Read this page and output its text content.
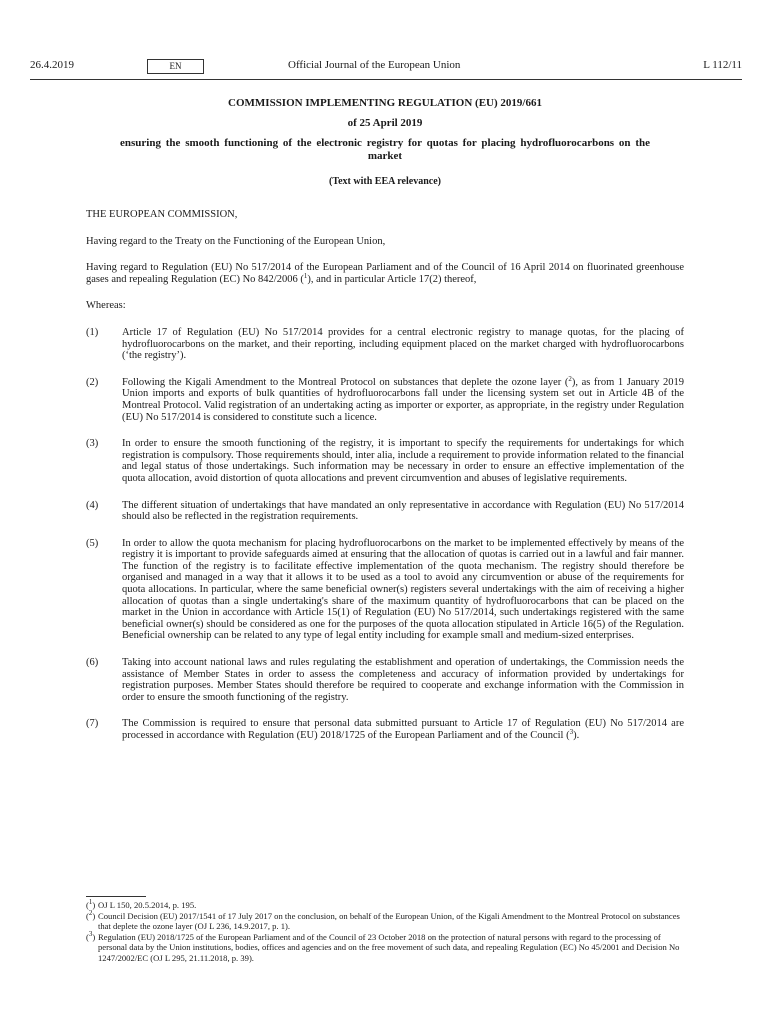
26.4.2019	EN	Official Journal of the European Union	L 112/11
COMMISSION IMPLEMENTING REGULATION (EU) 2019/661
of 25 April 2019
ensuring the smooth functioning of the electronic registry for quotas for placing hydrofluorocarbons on the market
(Text with EEA relevance)

THE EUROPEAN COMMISSION,

Having regard to the Treaty on the Functioning of the European Union,

Having regard to Regulation (EU) No 517/2014 of the European Parliament and of the Council of 16 April 2014 on fluorinated greenhouse gases and repealing Regulation (EC) No 842/2006 ($^1$), and in particular Article 17(2) thereof,

Whereas:

(1)	Article 17 of Regulation (EU) No 517/2014 provides for a central electronic registry to manage quotas, for the placing of hydrofluorocarbons on the market, and their reporting, including equipment placed on the market charged with hydrofluorocarbons (‘the registry’).
(2)	Following the Kigali Amendment to the Montreal Protocol on substances that deplete the ozone layer ($^2$), as from 1 January 2019 Union imports and exports of bulk quantities of hydrofluorocarbons fall under the licensing system set out in Article 4B of the Montreal Protocol. Valid registration of an undertaking acting as importer or exporter, as appropriate, in the registry under Regulation (EU) No 517/2014 is considered to constitute such a licence.
(3)	In order to ensure the smooth functioning of the registry, it is important to specify the requirements for undertakings for which registration is compulsory. Those requirements should, inter alia, include a requirement to provide information related to the financial and legal status of those undertakings. Such information may be necessary in order to ensure an effective implementation of the quota allocation, avoid distortion of quota allocations and prevent circumvention and abuses of legislative requirements.
(4)	The different situation of undertakings that have mandated an only representative in accordance with Regulation (EU) No 517/2014 should also be reflected in the registration requirements.
(5)	In order to allow the quota mechanism for placing hydrofluorocarbons on the market to be implemented effectively by means of the registry it is important to provide safeguards aimed at ensuring that the allocation of quotas is carried out in a lawful and fair manner. The function of the registry is to facilitate effective implementation of the quota mechanism. The registry should therefore be organised and managed in a way that it allows it to be used as a tool to avoid any circumvention or abuse of the requirements for quota allocations. In particular, where the same beneficial owner(s) registers several undertakings with the aim of receiving a higher allocation of quotas than a single undertaking's share of the maximum quantity of hydrofluorocarbons that can be placed on the market in the Union in accordance with Article 15(1) of Regulation (EU) No 517/2014, such undertakings registered with the same beneficial owner(s) should be considered as one for the purposes of the quota allocation stipulated in Article 16(5) of the Regulation. Beneficial ownership can be related to any type of legal entity including for example small and medium-sized enterprises.
(6)	Taking into account national laws and rules regulating the establishment and operation of undertakings, the Commission needs the assistance of Member States in order to assess the completeness and accuracy of information provided by undertakings for registration purposes. Member States should therefore be required to cooperate and exchange information with the Commission in order to ensure the smooth functioning of the registry.
(7)	The Commission is required to ensure that personal data submitted pursuant to Article 17 of Regulation (EU) No 517/2014 are processed in accordance with Regulation (EU) 2018/1725 of the European Parliament and of the Council ($^3$).
($^1$) OJ L 150, 20.5.2014, p. 195.
($^2$) Council Decision (EU) 2017/1541 of 17 July 2017 on the conclusion, on behalf of the European Union, of the Kigali Amendment to the Montreal Protocol on substances that deplete the ozone layer (OJ L 236, 14.9.2017, p. 1).
($^3$) Regulation (EU) 2018/1725 of the European Parliament and of the Council of 23 October 2018 on the protection of natural persons with regard to the processing of personal data by the Union institutions, bodies, offices and agencies and on the free movement of such data, and repealing Regulation (EC) No 45/2001 and Decision No 1247/2002/EC (OJ L 295, 21.11.2018, p. 39).
